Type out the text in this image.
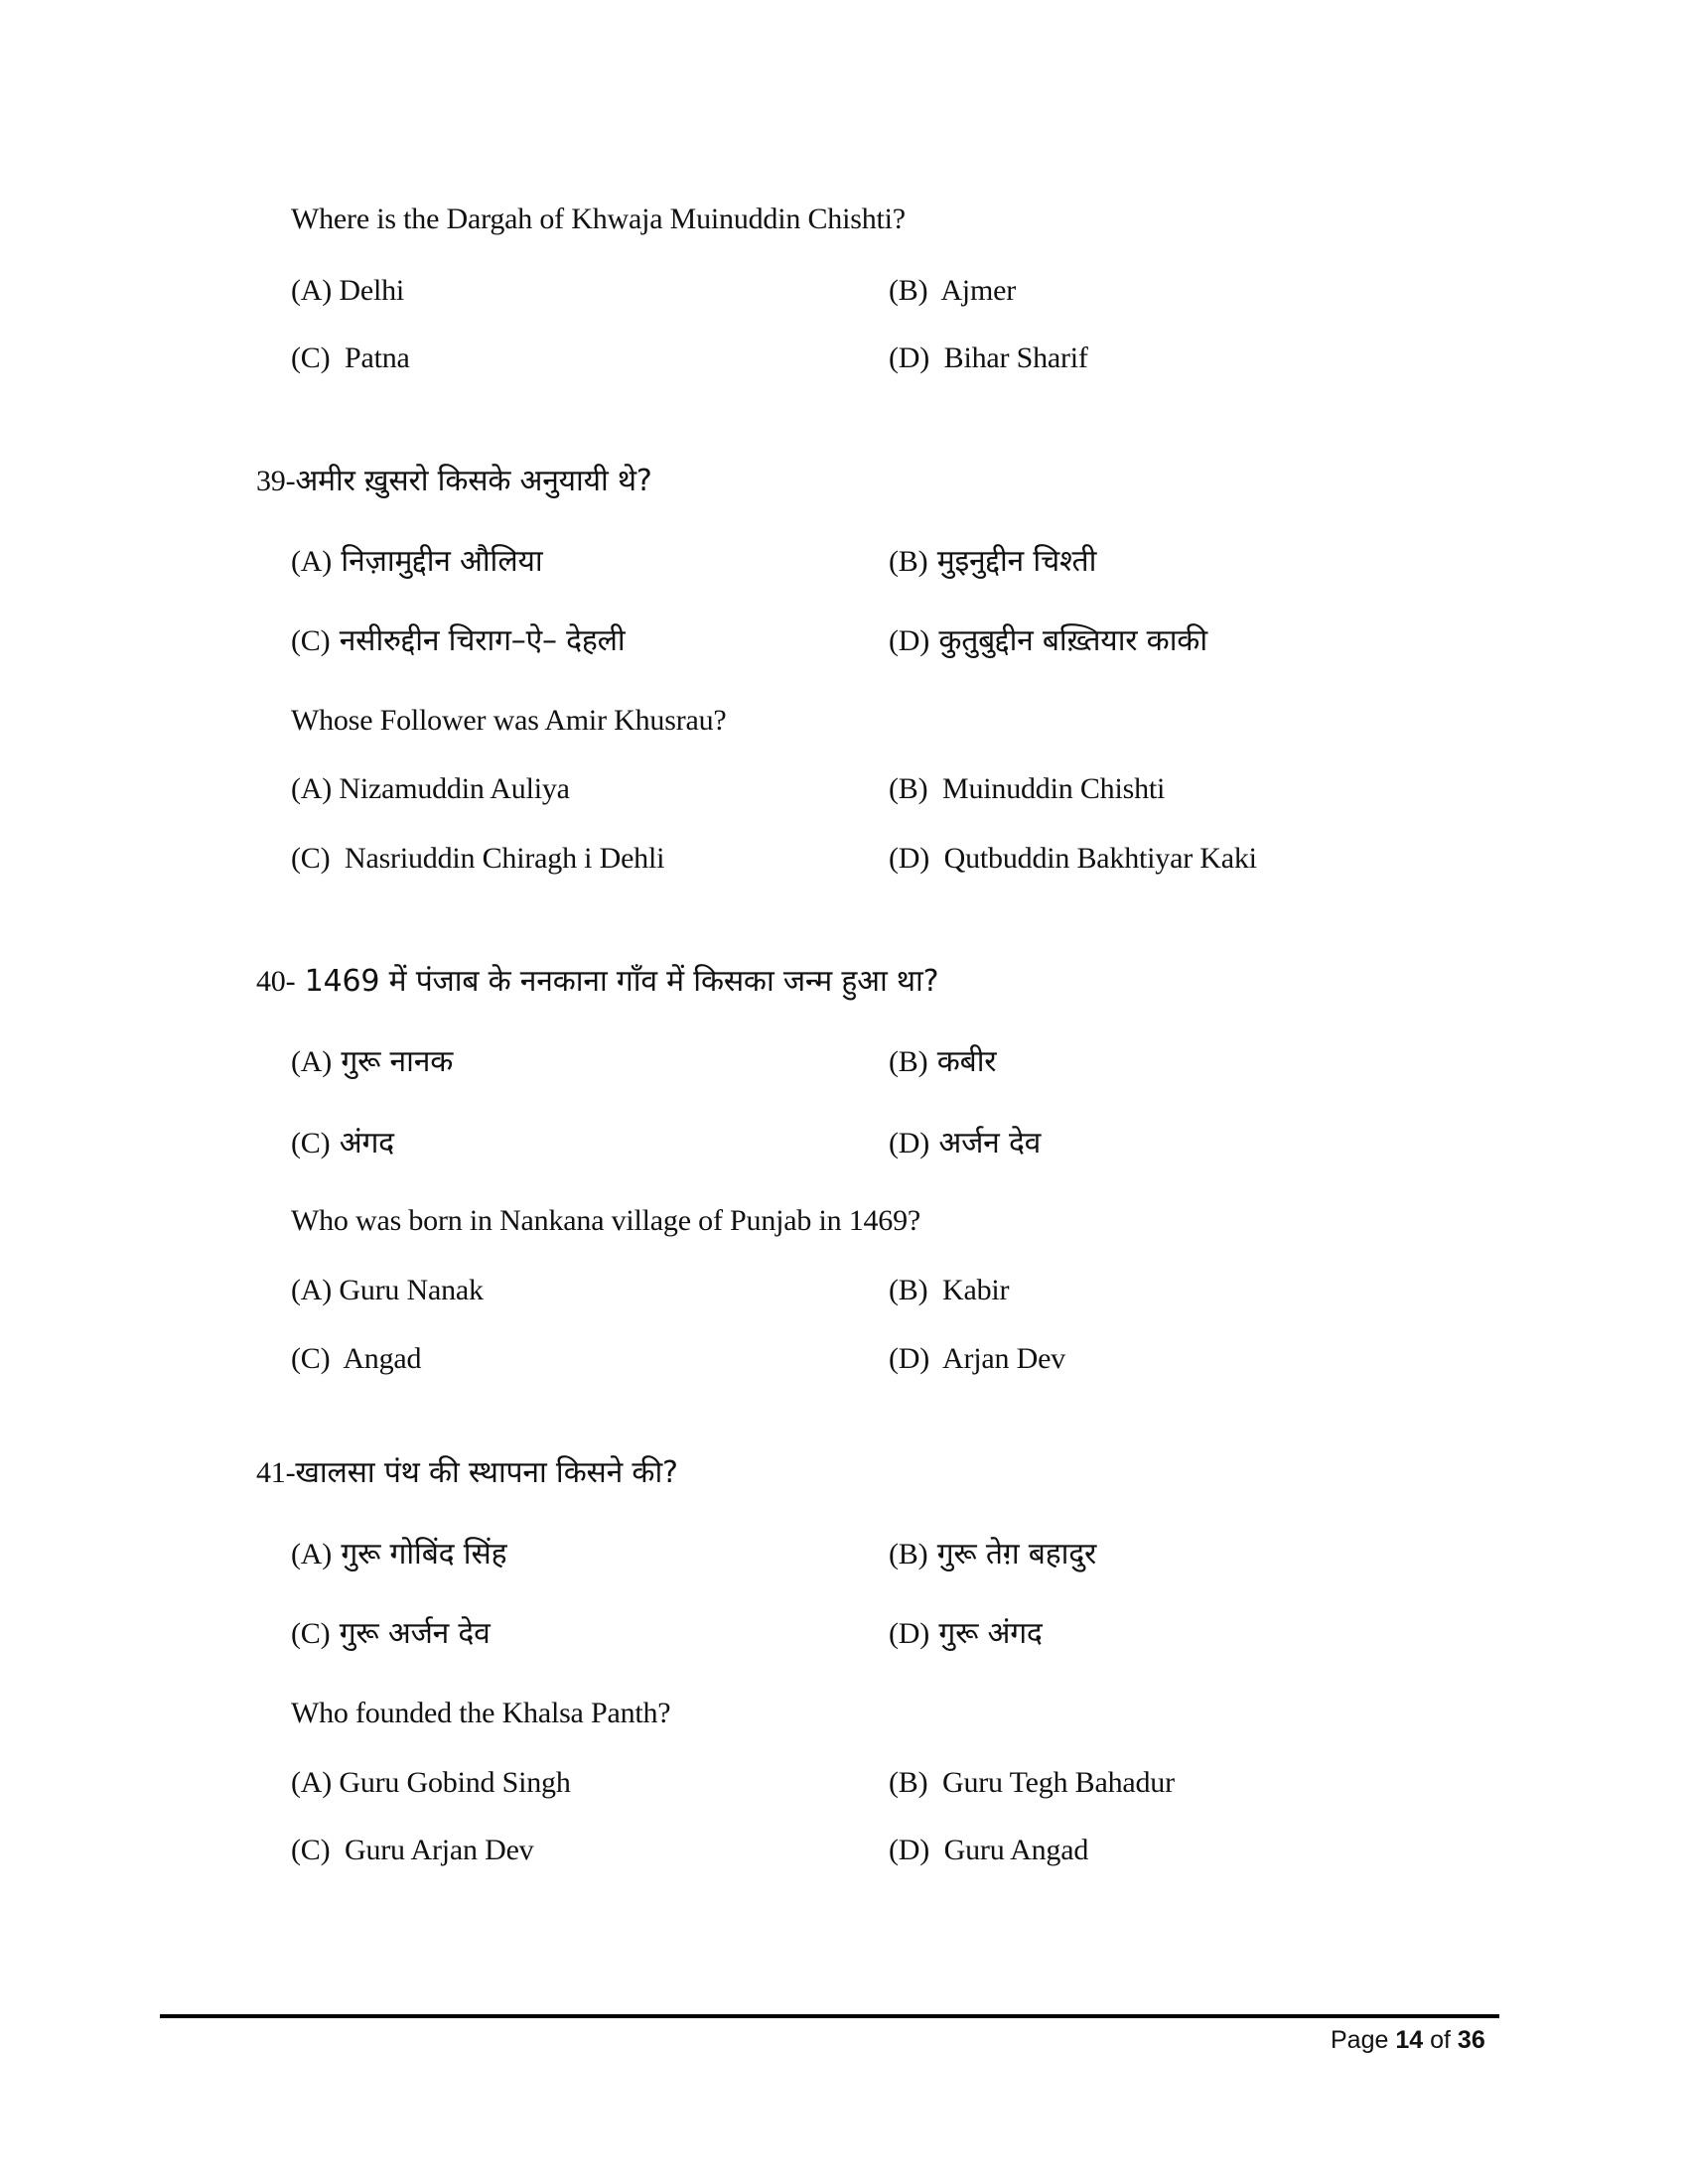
Where is the Dargah of Khwaja Muinuddin Chishti?
(A) Delhi	(B) Ajmer
(C) Patna	(D) Bihar Sharif
39-अमीर ख़ुसरो किसके अनुयायी थे?
(A) निज़ामुद्दीन औलिया	(B) मुइनुद्दीन चिश्ती
(C) नसीरुद्दीन चिराग–ऐ– देहली	(D) कुतुबुद्दीन बख़्तियार काकी
Whose Follower was Amir Khusrau?
(A) Nizamuddin Auliya	(B) Muinuddin Chishti
(C) Nasriuddin Chiragh i Dehli	(D) Qutbuddin Bakhtiyar Kaki
40- 1469 में पंजाब के ननकाना गाँव में किसका जन्म हुआ था?
(A) गुरू नानक	(B) कबीर
(C) अंगद	(D) अर्जन देव
Who was born in Nankana village of Punjab in 1469?
(A) Guru Nanak	(B) Kabir
(C) Angad	(D) Arjan Dev
41-खालसा पंथ की स्थापना किसने की?
(A) गुरू गोबिंद सिंह	(B) गुरू तेग़ बहादुर
(C) गुरू अर्जन देव	(D) गुरू अंगद
Who founded the Khalsa Panth?
(A) Guru Gobind Singh	(B) Guru Tegh Bahadur
(C) Guru Arjan Dev	(D) Guru Angad
Page 14 of 36
